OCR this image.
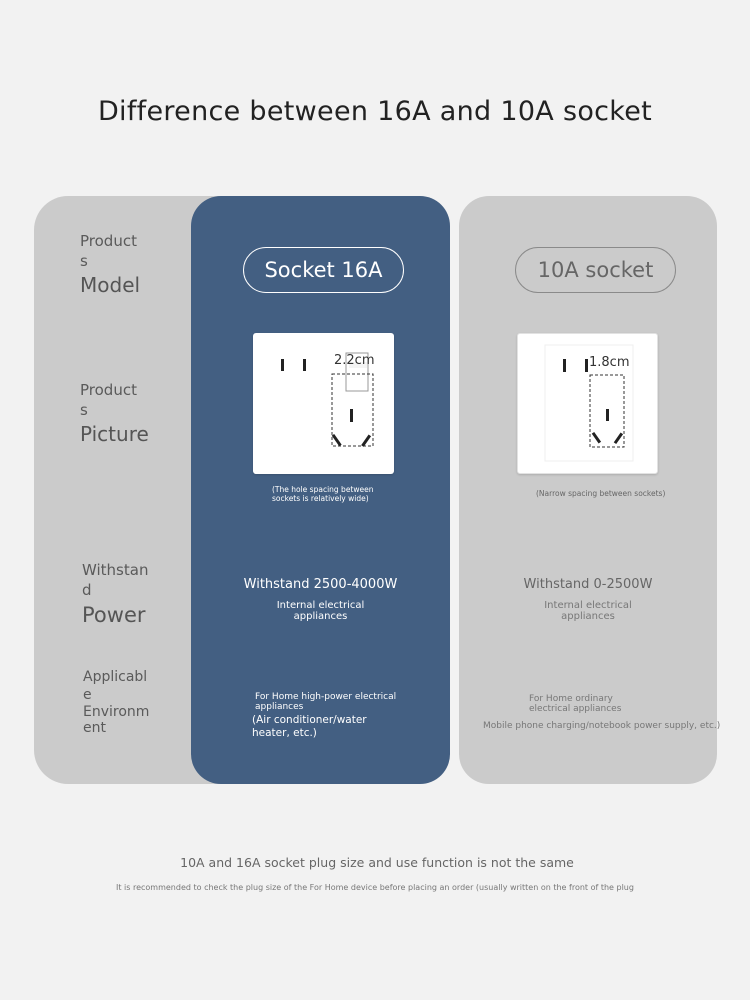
Difference between 16A and 10A socket
Product
s
Model
Product
s
Picture
Withstan
d
Power
Applicabl
e
Environm
ent
Socket 16A	10A socket
2.2cm
(The hole spacing between
sockets is relatively wide)
1.8cm
(Narrow spacing between sockets)
Withstand 2500-4000W
Internal electrical
appliances
Withstand 0-2500W
Internal electrical
appliances
For Home high-power electrical
appliances
(Air conditioner/water
heater, etc.)
For Home ordinary
electrical appliances
Mobile phone charging/notebook power supply, etc.)
10A and 16A socket plug size and use function is not the same
It is recommended to check the plug size of the For Home device before placing an order (usually written on the front of the plug
